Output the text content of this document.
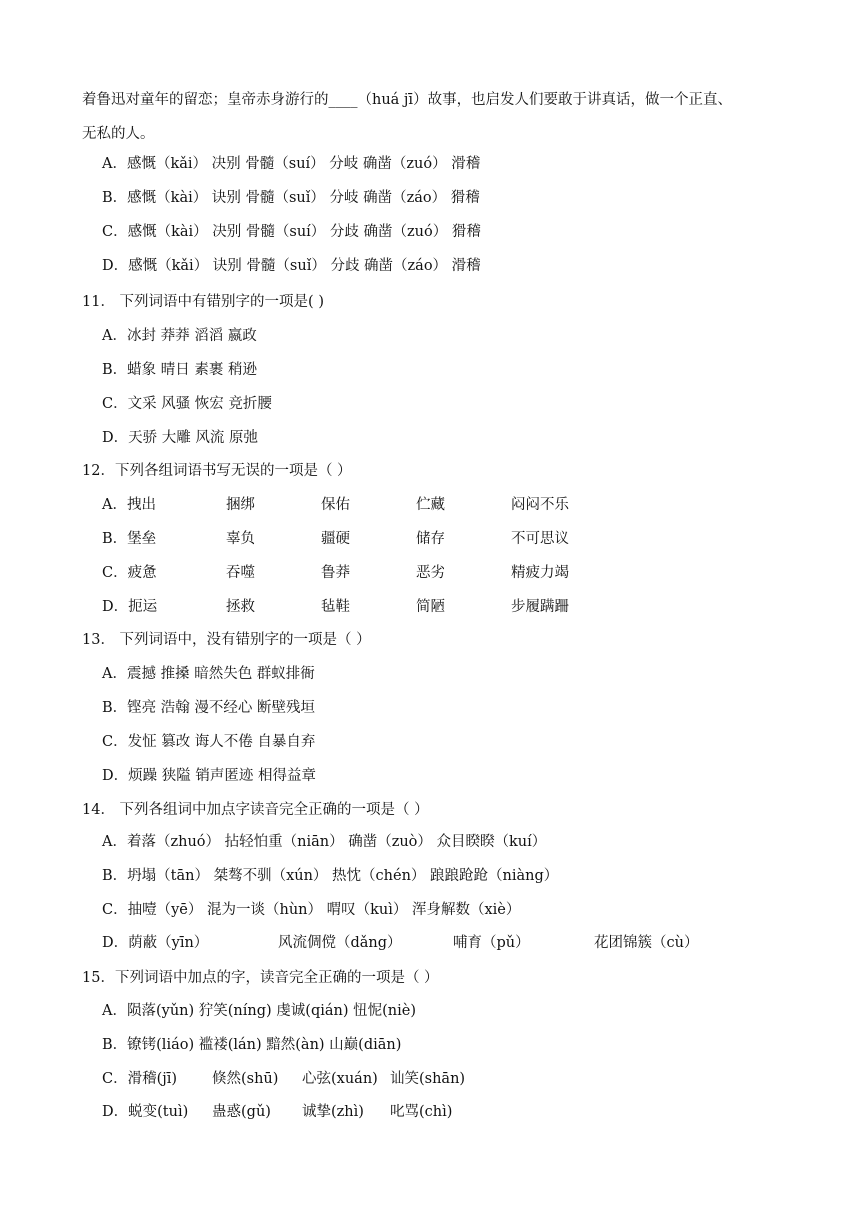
着鲁迅对童年的留恋；皇帝赤身游行的____（huá jī）故事，也启发人们要敢于讲真话，做一个正直、
无私的人。
A．感慨（kǎi） 决别 骨髓（suí） 分岐 确凿（zuó） 滑稽
B．感慨（kài） 诀别 骨髓（suǐ） 分岐 确凿（záo） 猾稽
C．感慨（kài） 决别 骨髓（suí） 分歧 确凿（zuó） 猾稽
D．感慨（kǎi） 诀别 骨髓（suǐ） 分歧 确凿（záo） 滑稽
11． 下列词语中有错别字的一项是( )
A．冰封 莽莽 滔滔 嬴政
B．蜡象 晴日 素裹 稍逊
C．文采 风骚 恢宏 竞折腰
D．天骄 大雕 风流 原弛
12．下列各组词语书写无误的一项是（ ）
A．拽出	捆绑	保佑	伫藏	闷闷不乐
B．堡垒	辜负	疆硬	储存	不可思议
C．疲惫	吞噬	鲁莽	恶劣	精疲力竭
D．扼运	拯救	毡鞋	简陋	步履蹒跚
13． 下列词语中，没有错别字的一项是（ ）
A．震撼 推搡 暗然失色 群蚁排衙
B．铿亮 浩翰 漫不经心 断壁残垣
C．发怔 篡改 诲人不倦 自暴自弃
D．烦躁 狭隘 销声匿迹 相得益章
14． 下列各组词中加点字读音完全正确的一项是（ ）
A．着落（zhuó） 拈轻怕重（niān） 确凿（zuò） 众目睽睽（kuí）
B．坍塌（tān） 桀骜不驯（xún） 热忱（chén） 踉踉跄跄（niàng）
C．抽噎（yē） 混为一谈（hùn） 喟叹（kuì） 浑身解数（xiè）
D．荫蔽（yīn）	风流倜傥（dǎng）	哺育（pǔ）	花团锦簇（cù）
15．下列词语中加点的字，读音完全正确的一项是（ ）
A．陨落(yǔn) 狞笑(níng) 虔诚(qián) 忸怩(niè)
B．镣铐(liáo) 褴褛(lán) 黯然(àn) 山巅(diān)
C．滑稽(jī) 倏然(shū) 心弦(xuán) 讪笑(shān)
D．蜕变(tuì) 蛊惑(gǔ) 诚挚(zhì) 叱骂(chì)
